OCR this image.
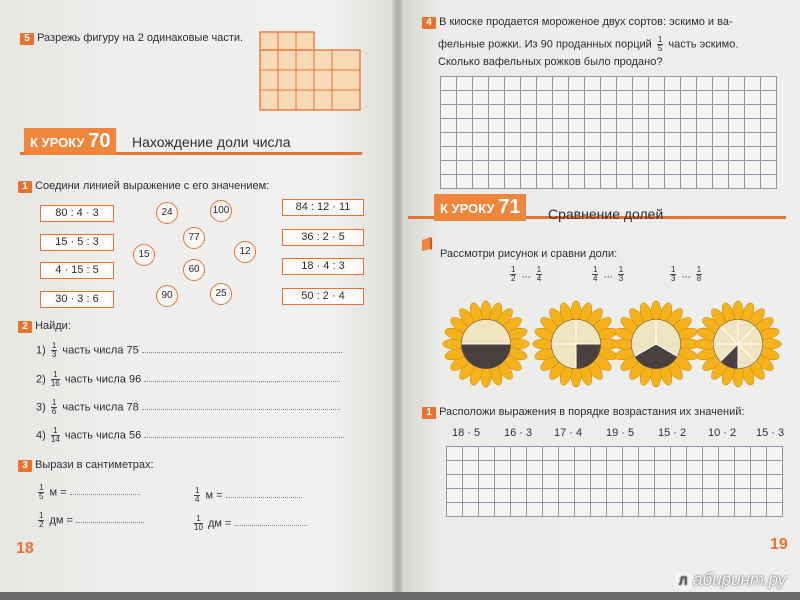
5 Разрежь фигуру на 2 одинаковые части.
К УРОКУ 70	Нахождение доли числа
1 Соедини линией выражение с его значением:
80 : 4 · 3
15 · 5 : 3
4 · 15 : 5
30 · 3 : 6
84 : 12 · 11
36 : 2 · 5
18 · 4 : 3
50 : 2 · 4
24	100
77
15	12
60
90	25
2 Найди:
$1) \frac{1}{3}$ часть числа 75
$2) \frac{1}{16}$ часть числа 96
$3) \frac{1}{6}$ часть числа 78
$4) \frac{1}{14}$ часть числа 56
3 Вырази в сантиметрах:
$\frac{1}{5}$ м =	$\frac{1}{4}$ м =
$\frac{1}{2}$ дм =	$\frac{1}{10}$ дм =
18
4 В киоске продается мороженое двух сортов: эскимо и ва-
фельные рожки. Из 90 проданных порций $\frac{1}{5}$ часть эскимо.
Сколько вафельных рожков было продано?
К УРОКУ 71	Сравнение долей
Рассмотри рисунок и сравни доли:
$\frac{1}{2}$ ... $\frac{1}{4}$	$\frac{1}{4}$ ... $\frac{1}{3}$	$\frac{1}{3}$ ... $\frac{1}{8}$
1 Расположи выражения в порядке возрастания их значений:
18 · 5 16 · 3 17 · 4 19 · 5 15 · 2 10 · 2 15 · 3
19
Л абиринт.ру
